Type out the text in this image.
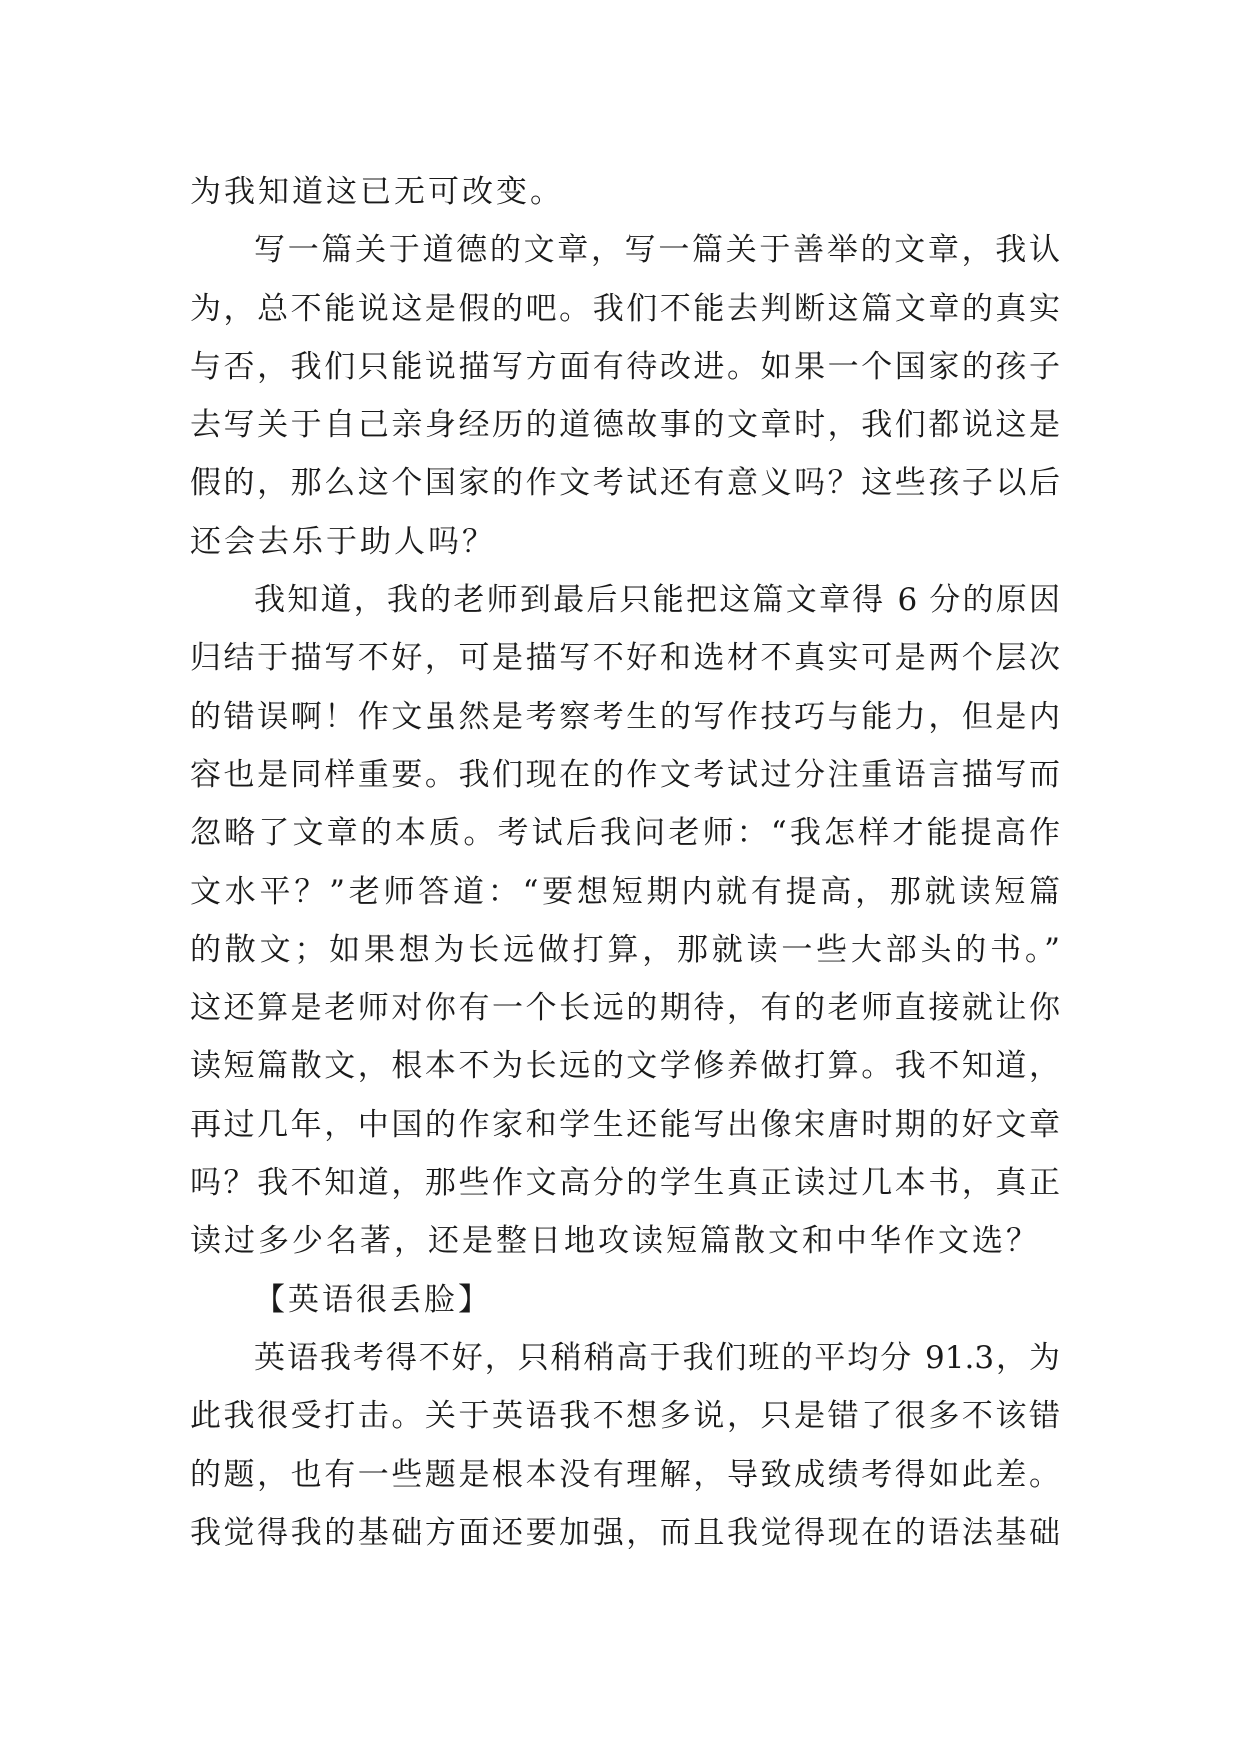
为我知道这已无可改变。
写一篇关于道德的文章，写一篇关于善举的文章，我认
为，总不能说这是假的吧。我们不能去判断这篇文章的真实
与否，我们只能说描写方面有待改进。如果一个国家的孩子
去写关于自己亲身经历的道德故事的文章时，我们都说这是
假的，那么这个国家的作文考试还有意义吗？这些孩子以后
还会去乐于助人吗？
我知道，我的老师到最后只能把这篇文章得 6 分的原因
归结于描写不好，可是描写不好和选材不真实可是两个层次
的错误啊！作文虽然是考察考生的写作技巧与能力，但是内
容也是同样重要。我们现在的作文考试过分注重语言描写而
忽略了文章的本质。考试后我问老师：“我怎样才能提高作
文水平？”老师答道：“要想短期内就有提高，那就读短篇
的散文；如果想为长远做打算，那就读一些大部头的书。”
这还算是老师对你有一个长远的期待，有的老师直接就让你
读短篇散文，根本不为长远的文学修养做打算。我不知道，
再过几年，中国的作家和学生还能写出像宋唐时期的好文章
吗？我不知道，那些作文高分的学生真正读过几本书，真正
读过多少名著，还是整日地攻读短篇散文和中华作文选？
【英语很丢脸】
英语我考得不好，只稍稍高于我们班的平均分 91.3，为
此我很受打击。关于英语我不想多说，只是错了很多不该错
的题，也有一些题是根本没有理解，导致成绩考得如此差。
我觉得我的基础方面还要加强，而且我觉得现在的语法基础
